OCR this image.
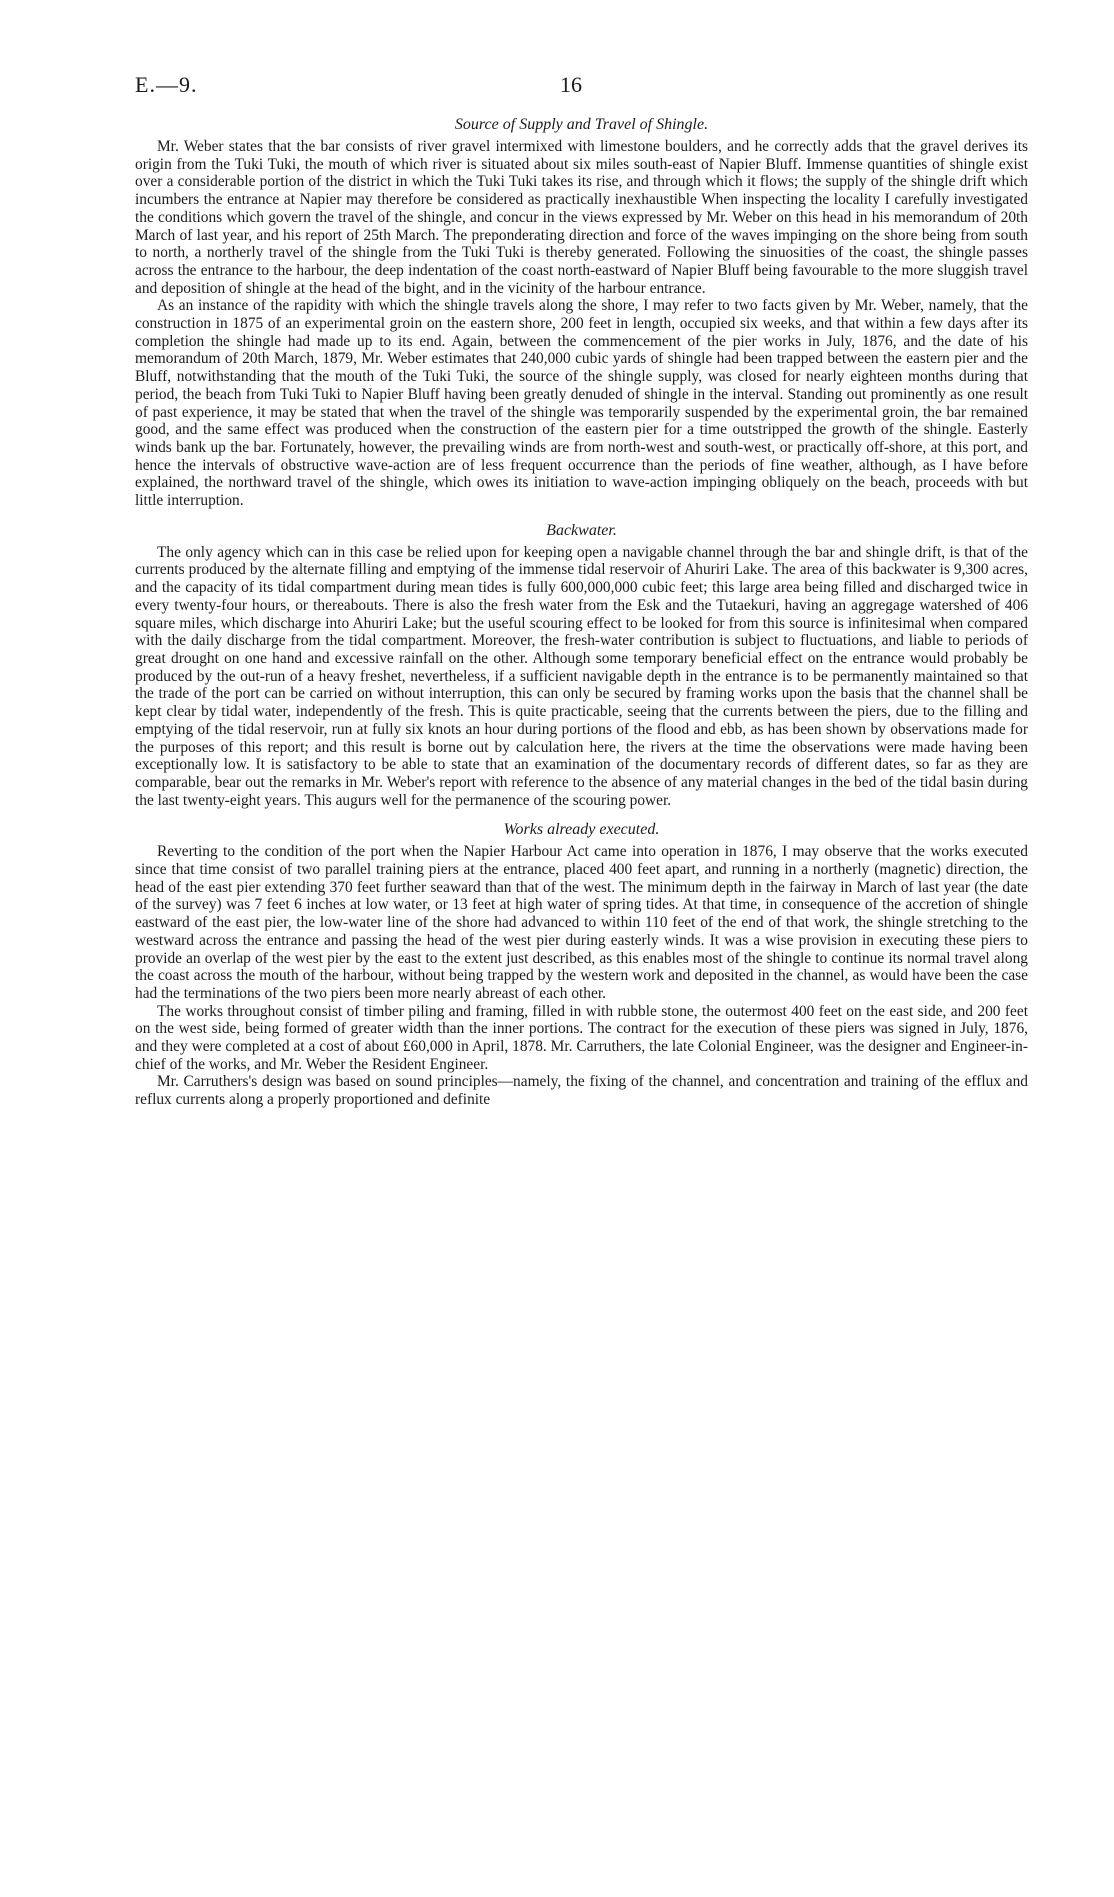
E.—9.	16
Source of Supply and Travel of Shingle.

Mr. Weber states that the bar consists of river gravel intermixed with limestone boulders, and he correctly adds that the gravel derives its origin from the Tuki Tuki, the mouth of which river is situated about six miles south-east of Napier Bluff. Immense quantities of shingle exist over a considerable portion of the district in which the Tuki Tuki takes its rise, and through which it flows; the supply of the shingle drift which incumbers the entrance at Napier may therefore be considered as practically inexhaustible When inspecting the locality I carefully investigated the conditions which govern the travel of the shingle, and concur in the views expressed by Mr. Weber on this head in his memorandum of 20th March of last year, and his report of 25th March. The preponderating direction and force of the waves impinging on the shore being from south to north, a northerly travel of the shingle from the Tuki Tuki is thereby generated. Following the sinuosities of the coast, the shingle passes across the entrance to the harbour, the deep indentation of the coast north-eastward of Napier Bluff being favourable to the more sluggish travel and deposition of shingle at the head of the bight, and in the vicinity of the harbour entrance.

As an instance of the rapidity with which the shingle travels along the shore, I may refer to two facts given by Mr. Weber, namely, that the construction in 1875 of an experimental groin on the eastern shore, 200 feet in length, occupied six weeks, and that within a few days after its completion the shingle had made up to its end. Again, between the commencement of the pier works in July, 1876, and the date of his memorandum of 20th March, 1879, Mr. Weber estimates that 240,000 cubic yards of shingle had been trapped between the eastern pier and the Bluff, notwithstanding that the mouth of the Tuki Tuki, the source of the shingle supply, was closed for nearly eighteen months during that period, the beach from Tuki Tuki to Napier Bluff having been greatly denuded of shingle in the interval. Standing out prominently as one result of past experience, it may be stated that when the travel of the shingle was temporarily suspended by the experimental groin, the bar remained good, and the same effect was produced when the construction of the eastern pier for a time outstripped the growth of the shingle. Easterly winds bank up the bar. Fortunately, however, the prevailing winds are from north-west and south-west, or practically off-shore, at this port, and hence the intervals of obstructive wave-action are of less frequent occurrence than the periods of fine weather, although, as I have before explained, the northward travel of the shingle, which owes its initiation to wave-action impinging obliquely on the beach, proceeds with but little interruption.

Backwater.

The only agency which can in this case be relied upon for keeping open a navigable channel through the bar and shingle drift, is that of the currents produced by the alternate filling and emptying of the immense tidal reservoir of Ahuriri Lake. The area of this backwater is 9,300 acres, and the capacity of its tidal compartment during mean tides is fully 600,000,000 cubic feet; this large area being filled and discharged twice in every twenty-four hours, or thereabouts. There is also the fresh water from the Esk and the Tutaekuri, having an aggregage watershed of 406 square miles, which discharge into Ahuriri Lake; but the useful scouring effect to be looked for from this source is infinitesimal when compared with the daily discharge from the tidal compartment. Moreover, the fresh-water contribution is subject to fluctuations, and liable to periods of great drought on one hand and excessive rainfall on the other. Although some temporary beneficial effect on the entrance would probably be produced by the out-run of a heavy freshet, nevertheless, if a sufficient navigable depth in the entrance is to be permanently maintained so that the trade of the port can be carried on without interruption, this can only be secured by framing works upon the basis that the channel shall be kept clear by tidal water, independently of the fresh. This is quite practicable, seeing that the currents between the piers, due to the filling and emptying of the tidal reservoir, run at fully six knots an hour during portions of the flood and ebb, as has been shown by observations made for the purposes of this report; and this result is borne out by calculation here, the rivers at the time the observations were made having been exceptionally low. It is satisfactory to be able to state that an examination of the documentary records of different dates, so far as they are comparable, bear out the remarks in Mr. Weber's report with reference to the absence of any material changes in the bed of the tidal basin during the last twenty-eight years. This augurs well for the permanence of the scouring power.

Works already executed.

Reverting to the condition of the port when the Napier Harbour Act came into operation in 1876, I may observe that the works executed since that time consist of two parallel training piers at the entrance, placed 400 feet apart, and running in a northerly (magnetic) direction, the head of the east pier extending 370 feet further seaward than that of the west. The minimum depth in the fairway in March of last year (the date of the survey) was 7 feet 6 inches at low water, or 13 feet at high water of spring tides. At that time, in consequence of the accretion of shingle eastward of the east pier, the low-water line of the shore had advanced to within 110 feet of the end of that work, the shingle stretching to the westward across the entrance and passing the head of the west pier during easterly winds. It was a wise provision in executing these piers to provide an overlap of the west pier by the east to the extent just described, as this enables most of the shingle to continue its normal travel along the coast across the mouth of the harbour, without being trapped by the western work and deposited in the channel, as would have been the case had the terminations of the two piers been more nearly abreast of each other.

The works throughout consist of timber piling and framing, filled in with rubble stone, the outermost 400 feet on the east side, and 200 feet on the west side, being formed of greater width than the inner portions. The contract for the execution of these piers was signed in July, 1876, and they were completed at a cost of about £60,000 in April, 1878. Mr. Carruthers, the late Colonial Engineer, was the designer and Engineer-in-chief of the works, and Mr. Weber the Resident Engineer.

Mr. Carruthers's design was based on sound principles—namely, the fixing of the channel, and concentration and training of the efflux and reflux currents along a properly proportioned and definite
